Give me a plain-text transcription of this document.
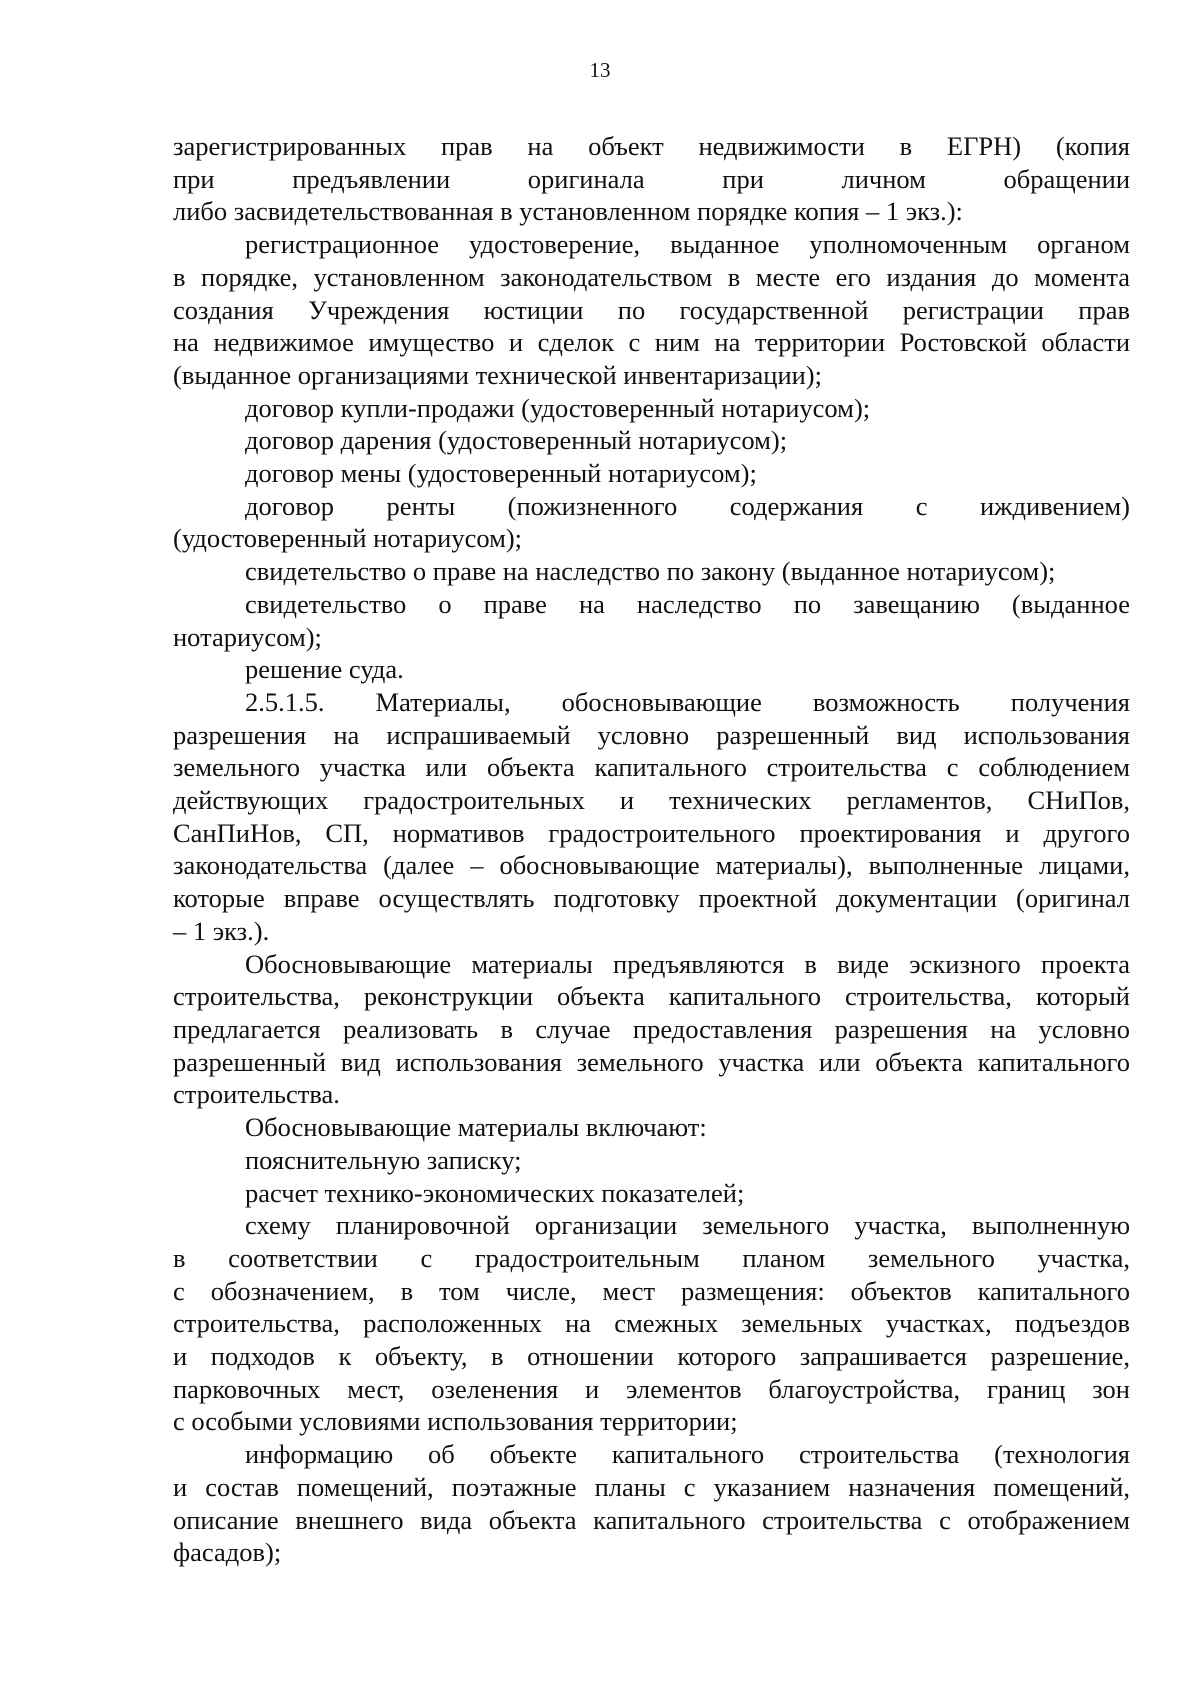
13
зарегистрированных прав на объект недвижимости в ЕГРН) (копия
при предъявлении оригинала при личном обращении
либо засвидетельствованная в установленном порядке копия – 1 экз.):
регистрационное удостоверение, выданное уполномоченным органом
в порядке, установленном законодательством в месте его издания до момента
создания Учреждения юстиции по государственной регистрации прав
на недвижимое имущество и сделок с ним на территории Ростовской области
(выданное организациями технической инвентаризации);
договор купли-продажи (удостоверенный нотариусом);
договор дарения (удостоверенный нотариусом);
договор мены (удостоверенный нотариусом);
договор ренты (пожизненного содержания с иждивением)
(удостоверенный нотариусом);
свидетельство о праве на наследство по закону (выданное нотариусом);
свидетельство о праве на наследство по завещанию (выданное
нотариусом);
решение суда.
2.5.1.5. Материалы, обосновывающие возможность получения
разрешения на испрашиваемый условно разрешенный вид использования
земельного участка или объекта капитального строительства с соблюдением
действующих градостроительных и технических регламентов, СНиПов,
СанПиНов, СП, нормативов градостроительного проектирования и другого
законодательства (далее – обосновывающие материалы), выполненные лицами,
которые вправе осуществлять подготовку проектной документации (оригинал
– 1 экз.).
Обосновывающие материалы предъявляются в виде эскизного проекта
строительства, реконструкции объекта капитального строительства, который
предлагается реализовать в случае предоставления разрешения на условно
разрешенный вид использования земельного участка или объекта капитального
строительства.
Обосновывающие материалы включают:
пояснительную записку;
расчет технико-экономических показателей;
схему планировочной организации земельного участка, выполненную
в соответствии с градостроительным планом земельного участка,
с обозначением, в том числе, мест размещения: объектов капитального
строительства, расположенных на смежных земельных участках, подъездов
и подходов к объекту, в отношении которого запрашивается разрешение,
парковочных мест, озеленения и элементов благоустройства, границ зон
с особыми условиями использования территории;
информацию об объекте капитального строительства (технология
и состав помещений, поэтажные планы с указанием назначения помещений,
описание внешнего вида объекта капитального строительства с отображением
фасадов);
